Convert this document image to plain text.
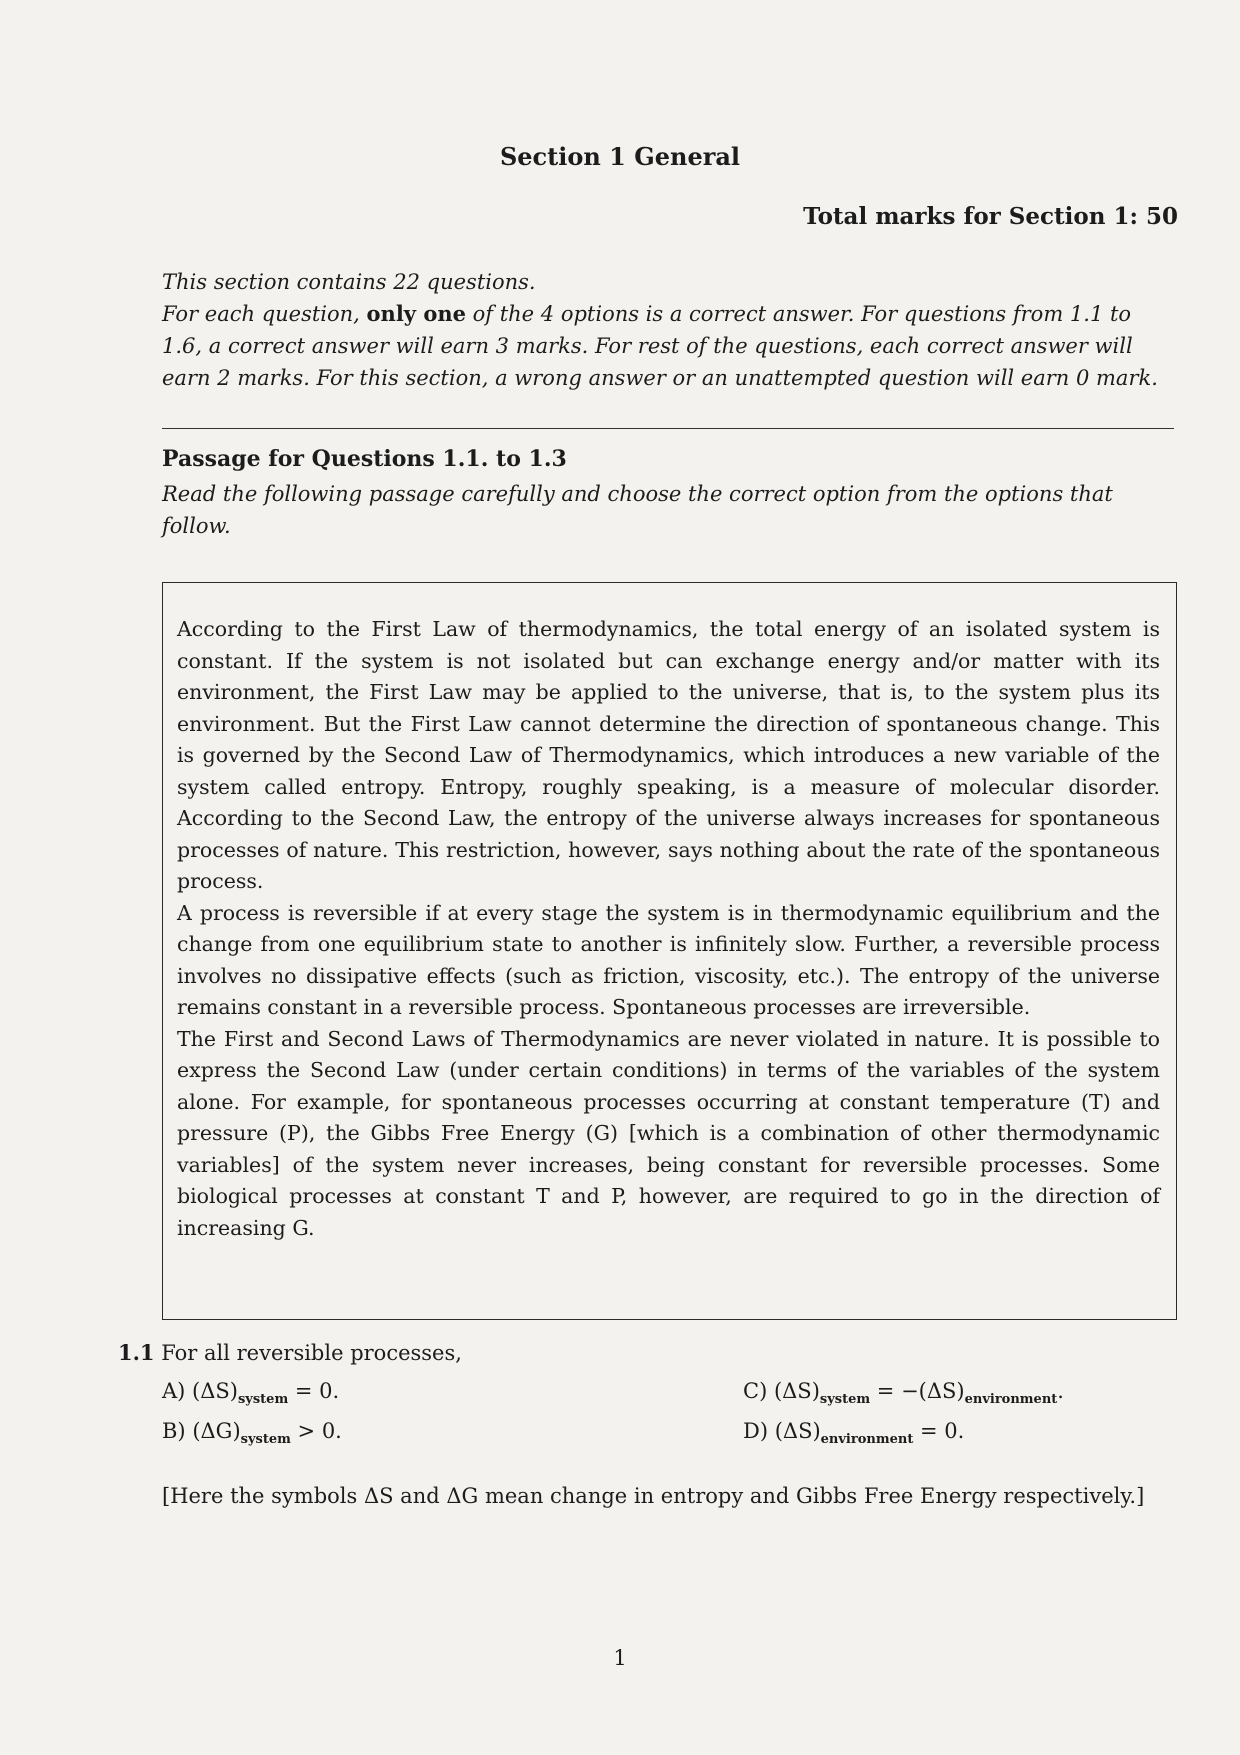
Section 1 General
Total marks for Section 1: 50

This section contains 22 questions.

For each question, only one of the 4 options is a correct answer. For questions from 1.1 to 1.6, a correct answer will earn 3 marks. For rest of the questions, each correct answer will earn 2 marks. For this section, a wrong answer or an unattempted question will earn 0 mark.

Passage for Questions 1.1. to 1.3

Read the following passage carefully and choose the correct option from the options that follow.

According to the First Law of thermodynamics, the total energy of an isolated system is constant. If the system is not isolated but can exchange energy and/or matter with its environment, the First Law may be applied to the universe, that is, to the system plus its environment. But the First Law cannot determine the direction of spontaneous change. This is governed by the Second Law of Thermodynamics, which introduces a new variable of the system called entropy. Entropy, roughly speaking, is a measure of molecular disorder. According to the Second Law, the entropy of the universe always increases for spontaneous processes of nature. This restriction, however, says nothing about the rate of the spontaneous process.

A process is reversible if at every stage the system is in thermodynamic equilibrium and the change from one equilibrium state to another is infinitely slow. Further, a reversible process involves no dissipative effects (such as friction, viscosity, etc.). The entropy of the universe remains constant in a reversible process. Spontaneous processes are irreversible.

The First and Second Laws of Thermodynamics are never violated in nature. It is possible to express the Second Law (under certain conditions) in terms of the variables of the system alone. For example, for spontaneous processes occurring at constant temperature (T) and pressure (P), the Gibbs Free Energy (G) [which is a combination of other thermodynamic variables] of the system never increases, being constant for reversible processes. Some biological processes at constant T and P, however, are required to go in the direction of increasing G.

1.1 For all reversible processes,

A) $(\Delta S)_{system} = 0$.
B) $(\Delta G)_{system} > 0$.
C) $(\Delta S)_{system} = -(\Delta S)_{environment}$.
D) $(\Delta S)_{environment} = 0$.

[Here the symbols ΔS and ΔG mean change in entropy and Gibbs Free Energy respectively.]

1
